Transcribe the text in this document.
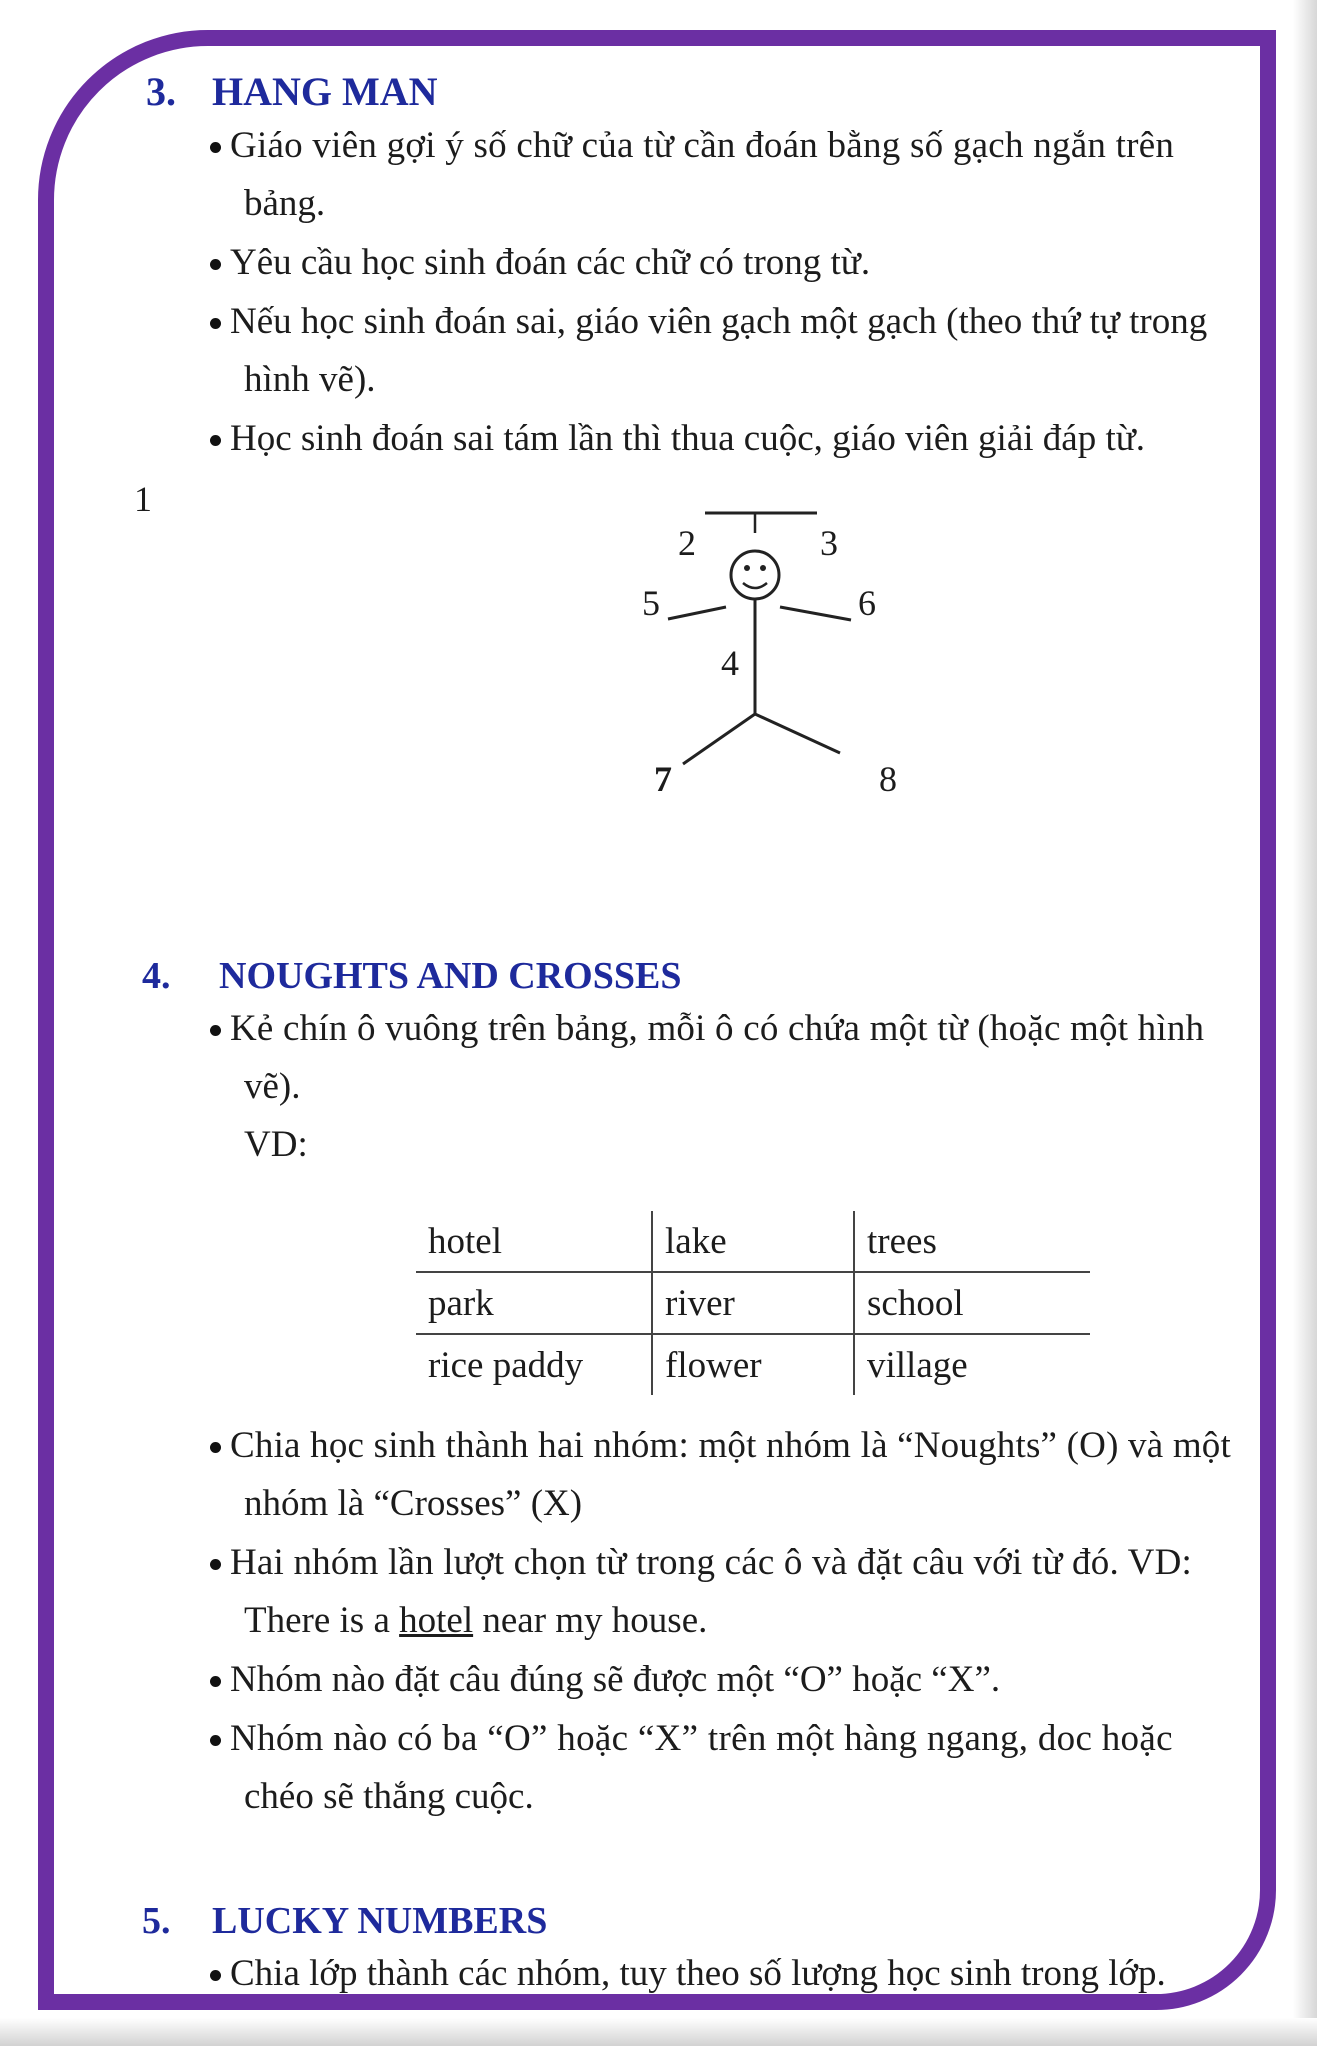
3. HANG MAN
Giáo viên gợi ý số chữ của từ cần đoán bằng số gạch ngắn trên
bảng.
Yêu cầu học sinh đoán các chữ có trong từ.
Nếu học sinh đoán sai, giáo viên gạch một gạch (theo thứ tự trong
hình vẽ).
Học sinh đoán sai tám lần thì thua cuộc, giáo viên giải đáp từ.
1
2	3
5	6
4
7	8
4. NOUGHTS AND CROSSES
Kẻ chín ô vuông trên bảng, mỗi ô có chứa một từ (hoặc một hình
vẽ).
VD:
hotel	lake	trees
park	river	school
rice paddy	flower	village
Chia học sinh thành hai nhóm: một nhóm là “Noughts” (O) và một
nhóm là “Crosses” (X)
Hai nhóm lần lượt chọn từ trong các ô và đặt câu với từ đó. VD:
There is a hotel near my house.
Nhóm nào đặt câu đúng sẽ được một “O” hoặc “X”.
Nhóm nào có ba “O” hoặc “X” trên một hàng ngang, doc hoặc
chéo sẽ thắng cuộc.
5. LUCKY NUMBERS
Chia lớp thành các nhóm, tuy theo số lượng học sinh trong lớp.
